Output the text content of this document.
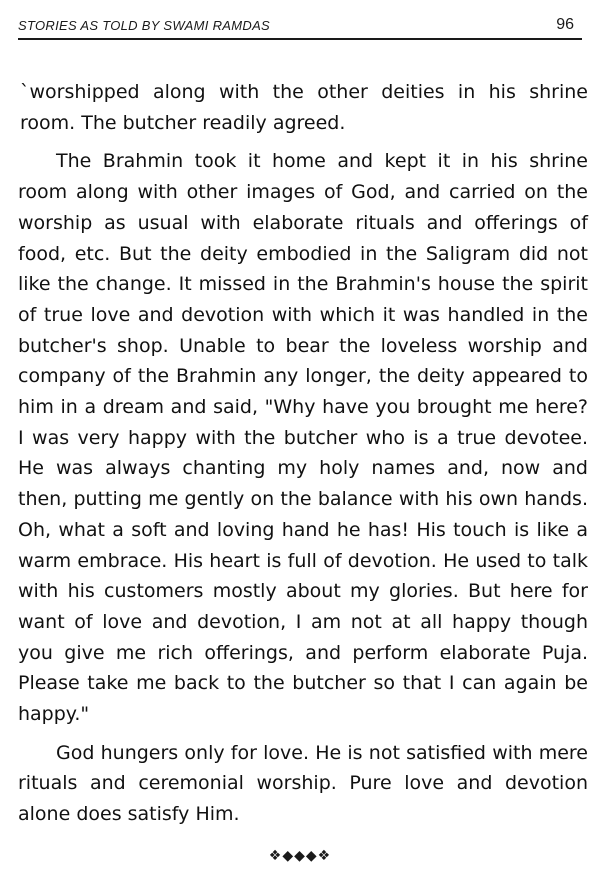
STORIES AS TOLD BY SWAMI RAMDAS	96

`worshipped along with the other deities in his shrine room. The butcher readily agreed.

The Brahmin took it home and kept it in his shrine room along with other images of God, and carried on the worship as usual with elaborate rituals and offerings of food, etc. But the deity embodied in the Saligram did not like the change. It missed in the Brahmin's house the spirit of true love and devotion with which it was handled in the butcher's shop. Unable to bear the loveless worship and company of the Brahmin any longer, the deity appeared to him in a dream and said, "Why have you brought me here? I was very happy with the butcher who is a true devotee. He was always chanting my holy names and, now and then, putting me gently on the balance with his own hands. Oh, what a soft and loving hand he has! His touch is like a warm embrace. His heart is full of devotion. He used to talk with his customers mostly about my glories. But here for want of love and devotion, I am not at all happy though you give me rich offerings, and perform elaborate Puja. Please take me back to the butcher so that I can again be happy."

God hungers only for love. He is not satisfied with mere rituals and ceremonial worship. Pure love and devotion alone does satisfy Him.

❖◆◆◆❖
